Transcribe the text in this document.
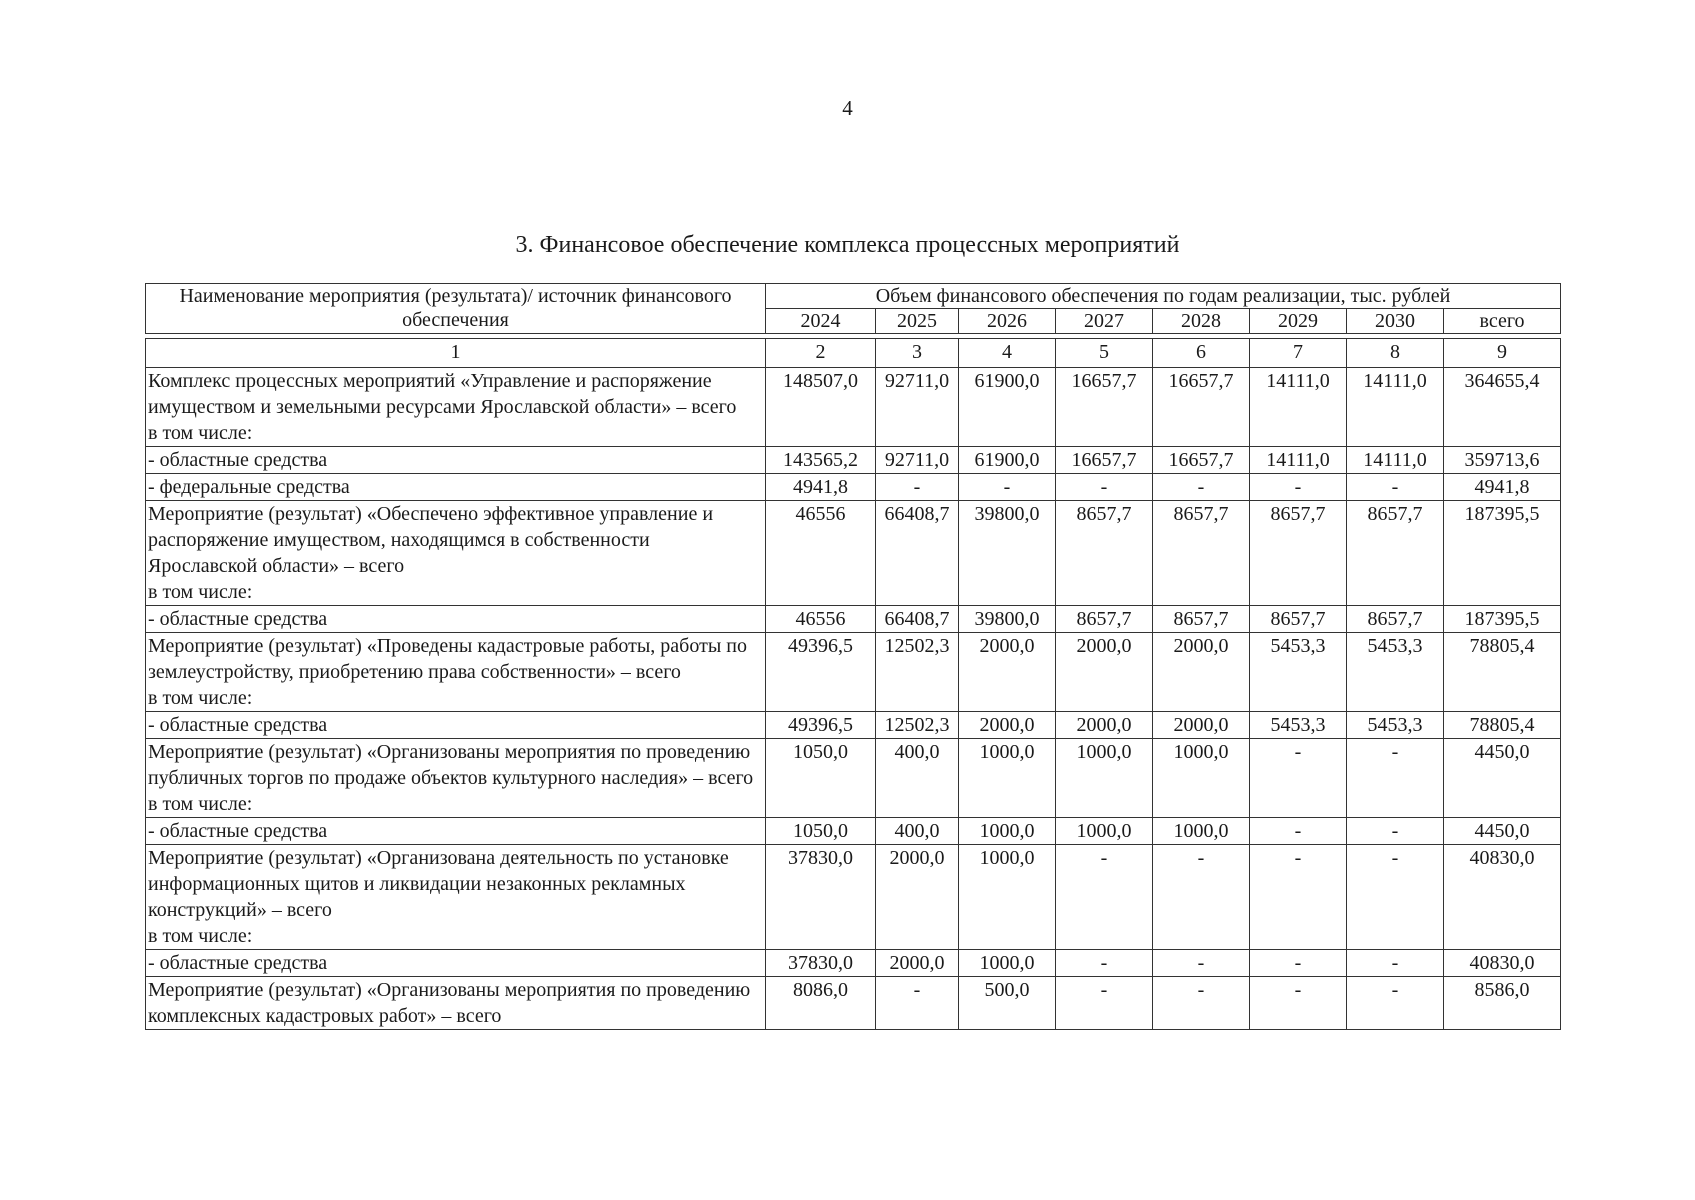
4
3. Финансовое обеспечение комплекса процессных мероприятий
Наименование мероприятия (результата)/ источник финансового обеспечения	Объем финансового обеспечения по годам реализации, тыс. рублей							
	2024	2025	2026	2027	2028	2029	2030	всего

1	2	3	4	5	6	7	8	9

Комплекс процессных мероприятий «Управление и распоряжение имуществом и земельными ресурсами Ярославской области» – всего
в том числе:	148507,0	92711,0	61900,0	16657,7	16657,7	14111,0	14111,0	364655,4

- областные средства	143565,2	92711,0	61900,0	16657,7	16657,7	14111,0	14111,0	359713,6

- федеральные средства	4941,8	-	-	-	-	-	-	4941,8

Мероприятие (результат) «Обеспечено эффективное управление и распоряжение имуществом, находящимся в собственности Ярославской области» – всего
в том числе:	46556	66408,7	39800,0	8657,7	8657,7	8657,7	8657,7	187395,5

- областные средства	46556	66408,7	39800,0	8657,7	8657,7	8657,7	8657,7	187395,5

Мероприятие (результат) «Проведены кадастровые работы, работы по землеустройству, приобретению права собственности» – всего
в том числе:	49396,5	12502,3	2000,0	2000,0	2000,0	5453,3	5453,3	78805,4

- областные средства	49396,5	12502,3	2000,0	2000,0	2000,0	5453,3	5453,3	78805,4

Мероприятие (результат) «Организованы мероприятия по проведению публичных торгов по продаже объектов культурного наследия» – всего
в том числе:	1050,0	400,0	1000,0	1000,0	1000,0	-	-	4450,0

- областные средства	1050,0	400,0	1000,0	1000,0	1000,0	-	-	4450,0

Мероприятие (результат) «Организована деятельность по установке информационных щитов и ликвидации незаконных рекламных конструкций» – всего
в том числе:	37830,0	2000,0	1000,0	-	-	-	-	40830,0

- областные средства	37830,0	2000,0	1000,0	-	-	-	-	40830,0

Мероприятие (результат) «Организованы мероприятия по проведению комплексных кадастровых работ» – всего	8086,0	-	500,0	-	-	-	-	8586,0
